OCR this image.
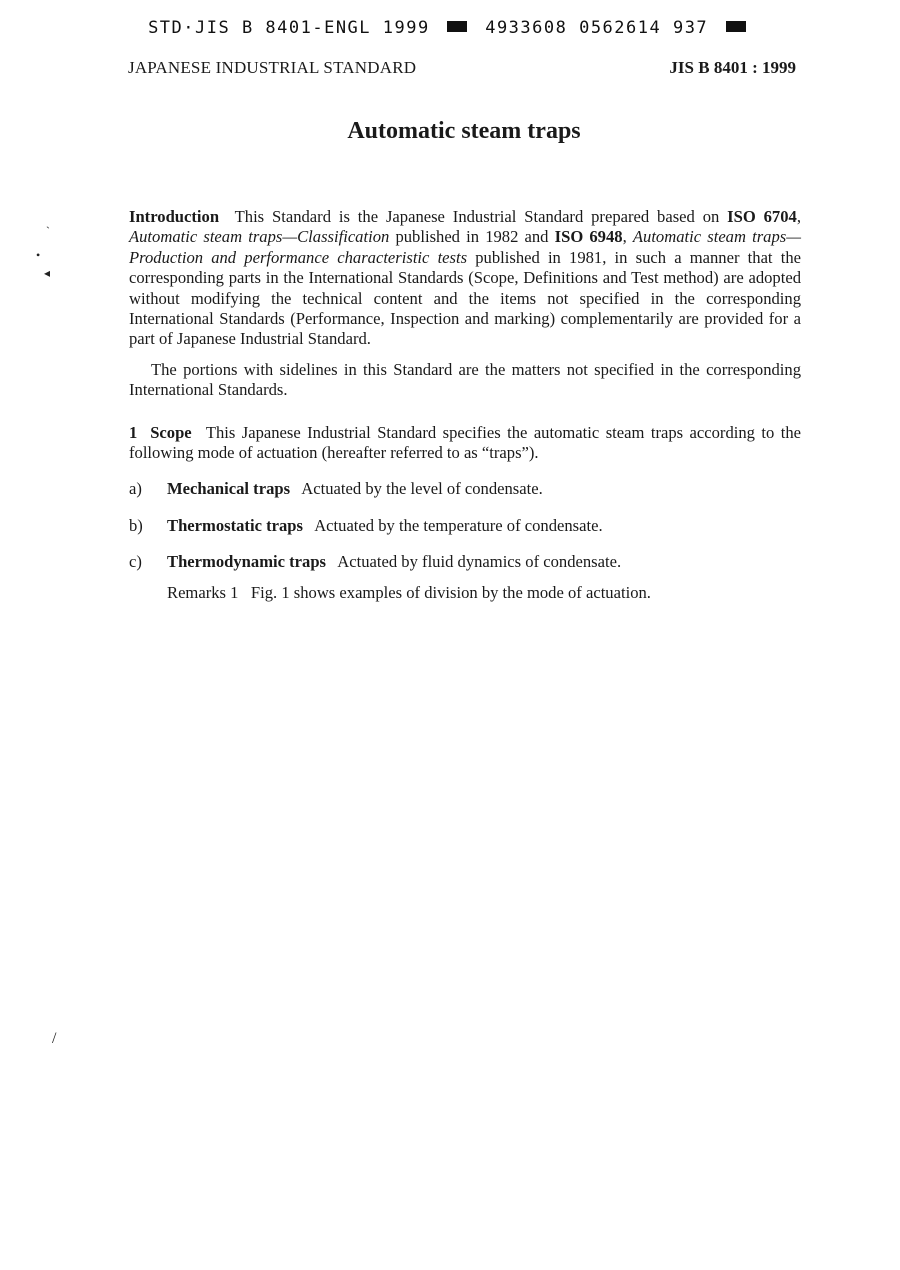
STD·JIS B 8401-ENGL 1999	4933608 0562614 937
JAPANESE INDUSTRIAL STANDARD	JIS B 8401 : 1999
Automatic steam traps
ˎ
•
◂
/

Introduction This Standard is the Japanese Industrial Standard prepared based on ISO 6704, Automatic steam traps—Classification published in 1982 and ISO 6948, Automatic steam traps—Production and performance characteristic tests published in 1981, in such a manner that the corresponding parts in the International Standards (Scope, Definitions and Test method) are adopted without modifying the technical content and the items not specified in the corresponding International Standards (Performance, Inspection and marking) complementarily are provided for a part of Japanese Industrial Standard.

The portions with sidelines in this Standard are the matters not specified in the corresponding International Standards.

1 Scope This Japanese Industrial Standard specifies the automatic steam traps according to the following mode of actuation (hereafter referred to as “traps”).

a)	Mechanical traps Actuated by the level of condensate.
b)	Thermostatic traps Actuated by the temperature of condensate.
c)	Thermodynamic traps Actuated by fluid dynamics of condensate.
Remarks 1 Fig. 1 shows examples of division by the mode of actuation.
